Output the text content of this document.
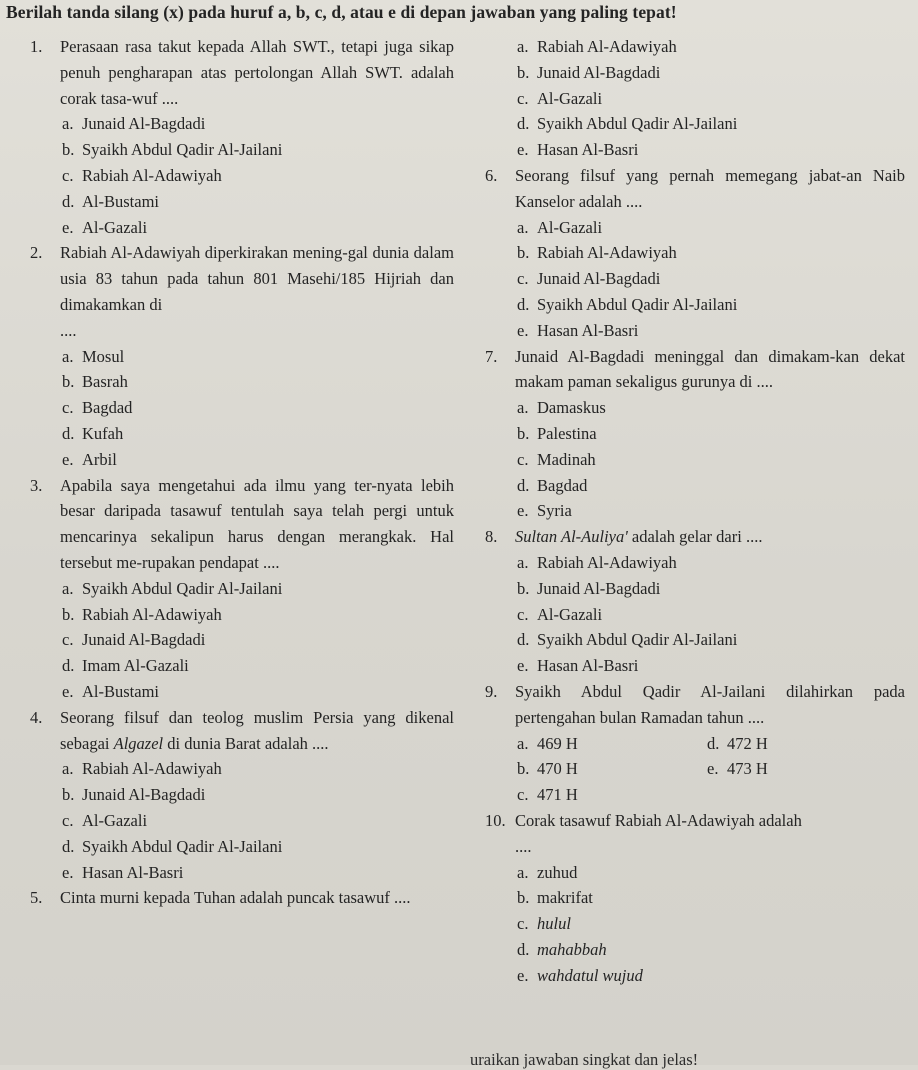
Berilah tanda silang (x) pada huruf a, b, c, d, atau e di depan jawaban yang paling tepat!
1. Perasaan rasa takut kepada Allah SWT., tetapi juga sikap penuh pengharapan atas pertolongan Allah SWT. adalah corak tasa-wuf ....
a. Junaid Al-Bagdadi
b. Syaikh Abdul Qadir Al-Jailani
c. Rabiah Al-Adawiyah
d. Al-Bustami
e. Al-Gazali
2. Rabiah Al-Adawiyah diperkirakan mening-gal dunia dalam usia 83 tahun pada tahun 801 Masehi/185 Hijriah dan dimakamkan di
....
a. Mosul
b. Basrah
c. Bagdad
d. Kufah
e. Arbil
3. Apabila saya mengetahui ada ilmu yang ter-nyata lebih besar daripada tasawuf tentulah saya telah pergi untuk mencarinya sekalipun harus dengan merangkak. Hal tersebut me-rupakan pendapat ....
a. Syaikh Abdul Qadir Al-Jailani
b. Rabiah Al-Adawiyah
c. Junaid Al-Bagdadi
d. Imam Al-Gazali
e. Al-Bustami
4. Seorang filsuf dan teolog muslim Persia yang dikenal sebagai Algazel di dunia Barat adalah ....
a. Rabiah Al-Adawiyah
b. Junaid Al-Bagdadi
c. Al-Gazali
d. Syaikh Abdul Qadir Al-Jailani
e. Hasan Al-Basri
5. Cinta murni kepada Tuhan adalah puncak tasawuf ....
a. Rabiah Al-Adawiyah
b. Junaid Al-Bagdadi
c. Al-Gazali
d. Syaikh Abdul Qadir Al-Jailani
e. Hasan Al-Basri
6. Seorang filsuf yang pernah memegang jabat-an Naib Kanselor adalah ....
a. Al-Gazali
b. Rabiah Al-Adawiyah
c. Junaid Al-Bagdadi
d. Syaikh Abdul Qadir Al-Jailani
e. Hasan Al-Basri
7. Junaid Al-Bagdadi meninggal dan dimakam-kan dekat makam paman sekaligus gurunya di ....
a. Damaskus
b. Palestina
c. Madinah
d. Bagdad
e. Syria
8. Sultan Al-Auliya' adalah gelar dari ....
a. Rabiah Al-Adawiyah
b. Junaid Al-Bagdadi
c. Al-Gazali
d. Syaikh Abdul Qadir Al-Jailani
e. Hasan Al-Basri
9. Syaikh Abdul Qadir Al-Jailani dilahirkan pada pertengahan bulan Ramadan tahun ....
a. 469 H	d. 472 H
b. 470 H	e. 473 H
c. 471 H
10. Corak tasawuf Rabiah Al-Adawiyah adalah
....
a. zuhud
b. makrifat
c. hulul
d. mahabbah
e. wahdatul wujud
uraikan jawaban singkat dan jelas!
